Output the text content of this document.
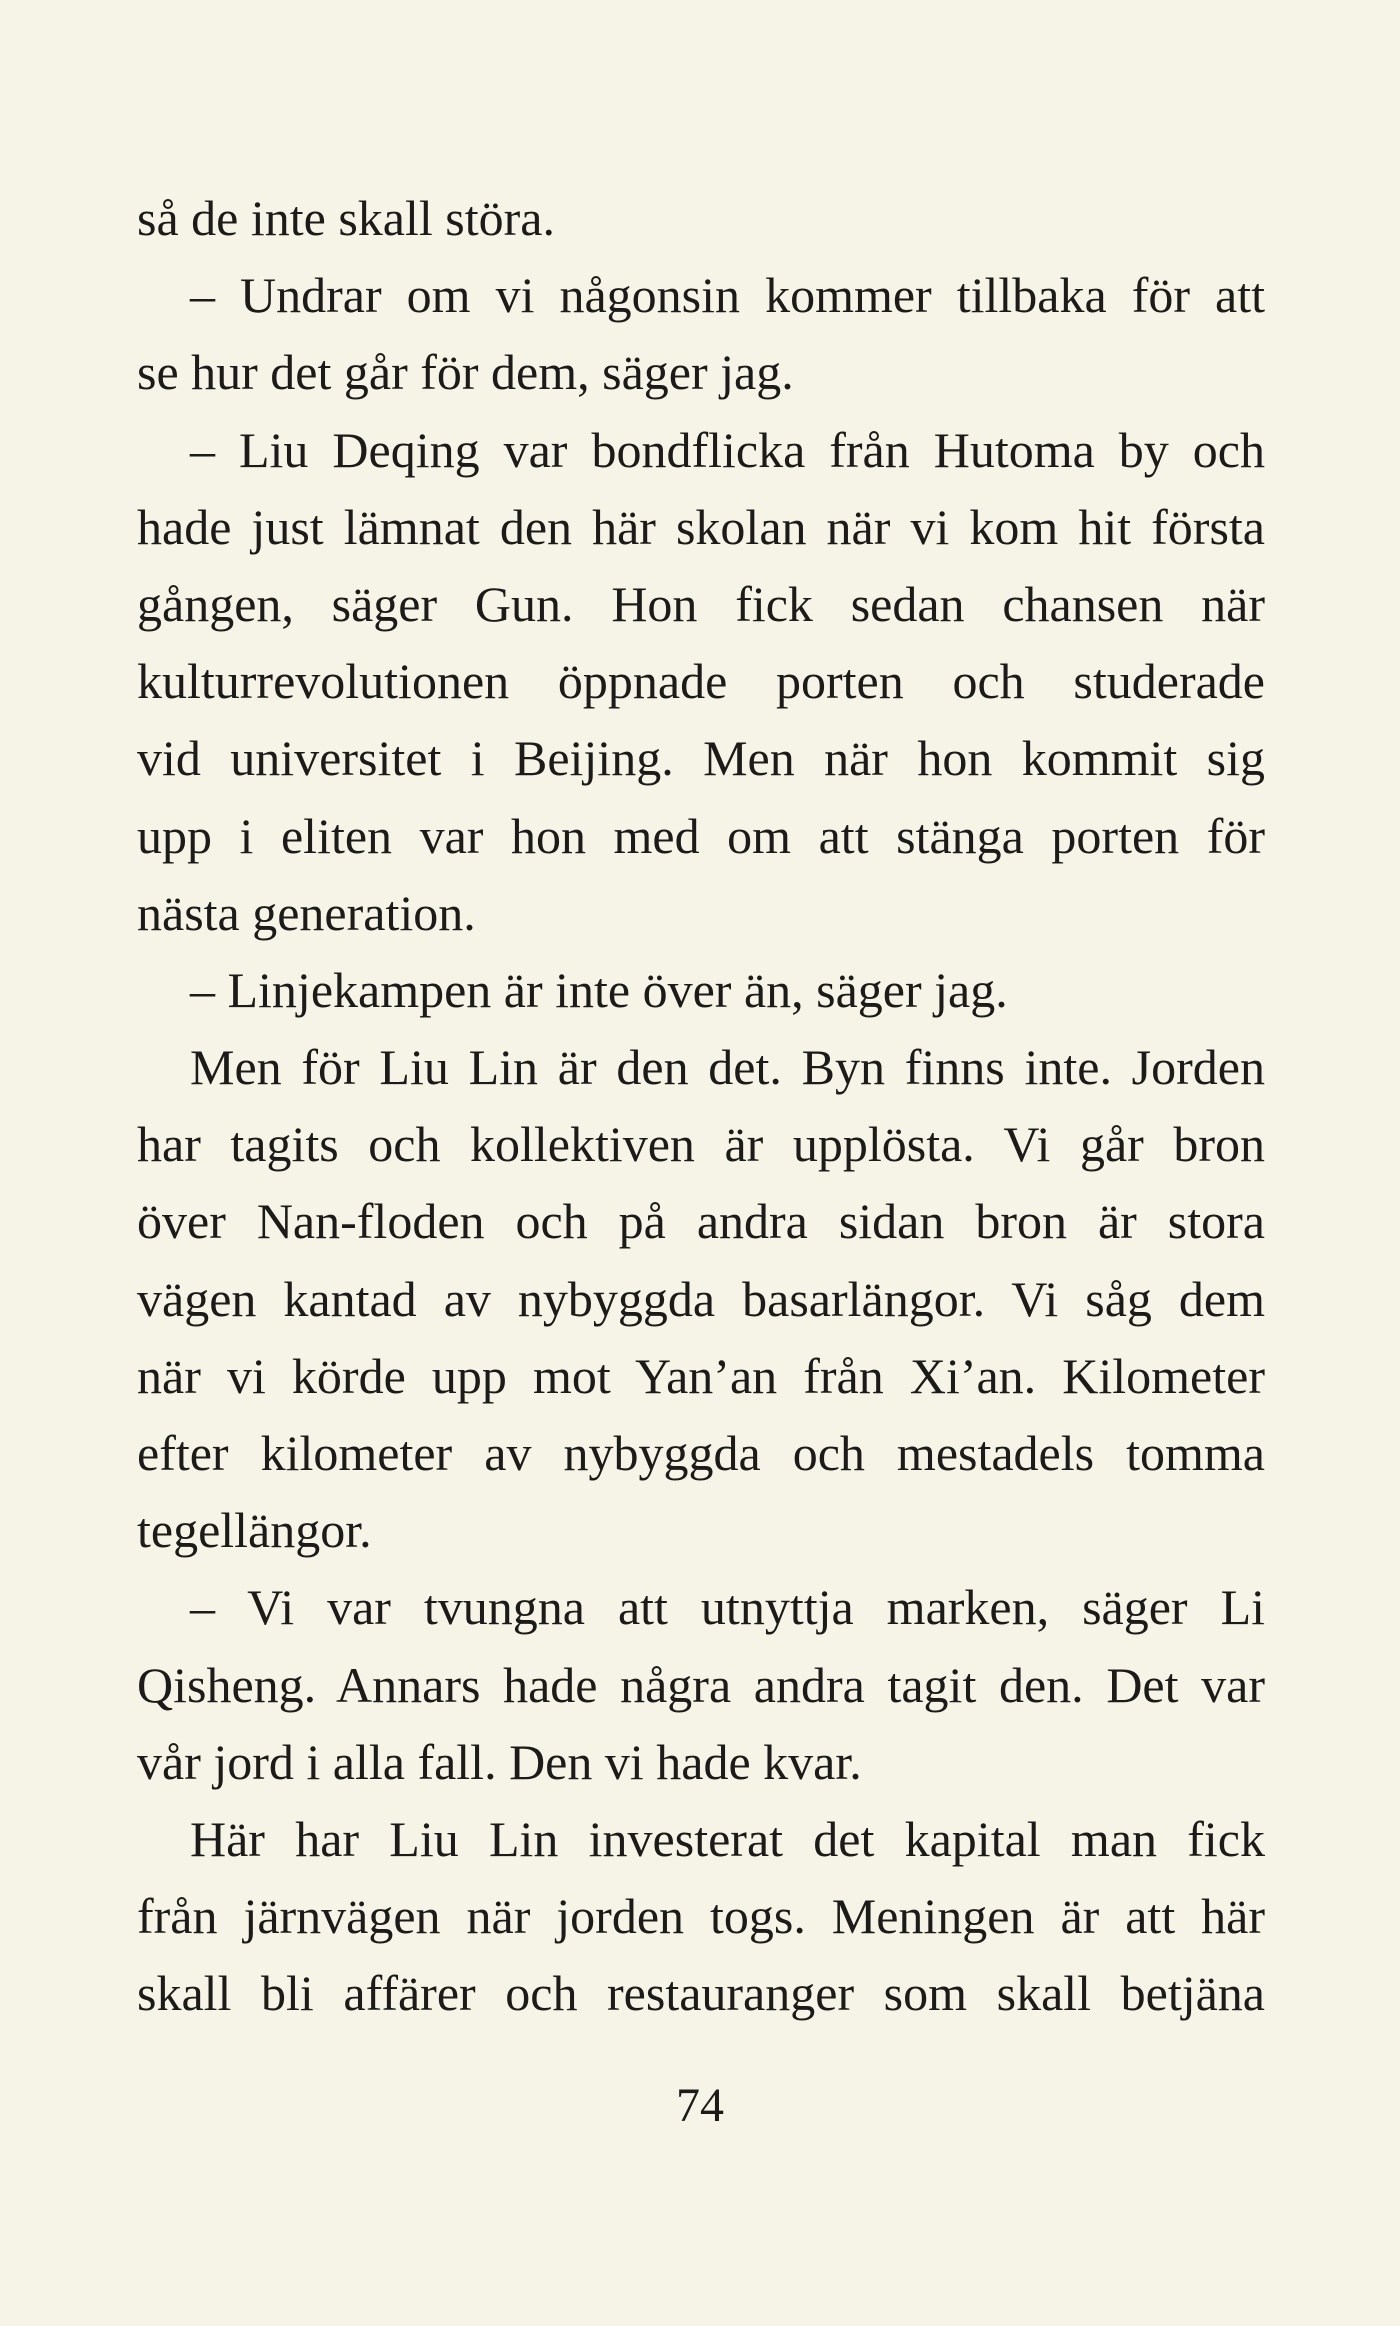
så de inte skall störa.
– Undrar om vi någonsin kommer tillbaka för att
se hur det går för dem, säger jag.
– Liu Deqing var bondflicka från Hutoma by och
hade just lämnat den här skolan när vi kom hit första
gången, säger Gun. Hon fick sedan chansen när
kulturrevolutionen öppnade porten och studerade
vid universitet i Beijing. Men när hon kommit sig
upp i eliten var hon med om att stänga porten för
nästa generation.
– Linjekampen är inte över än, säger jag.
Men för Liu Lin är den det. Byn finns inte. Jorden
har tagits och kollektiven är upplösta. Vi går bron
över Nan-floden och på andra sidan bron är stora
vägen kantad av nybyggda basarlängor. Vi såg dem
när vi körde upp mot Yan’an från Xi’an. Kilometer
efter kilometer av nybyggda och mestadels tomma
tegellängor.
– Vi var tvungna att utnyttja marken, säger Li
Qisheng. Annars hade några andra tagit den. Det var
vår jord i alla fall. Den vi hade kvar.
Här har Liu Lin investerat det kapital man fick
från järnvägen när jorden togs. Meningen är att här
skall bli affärer och restauranger som skall betjäna
74
